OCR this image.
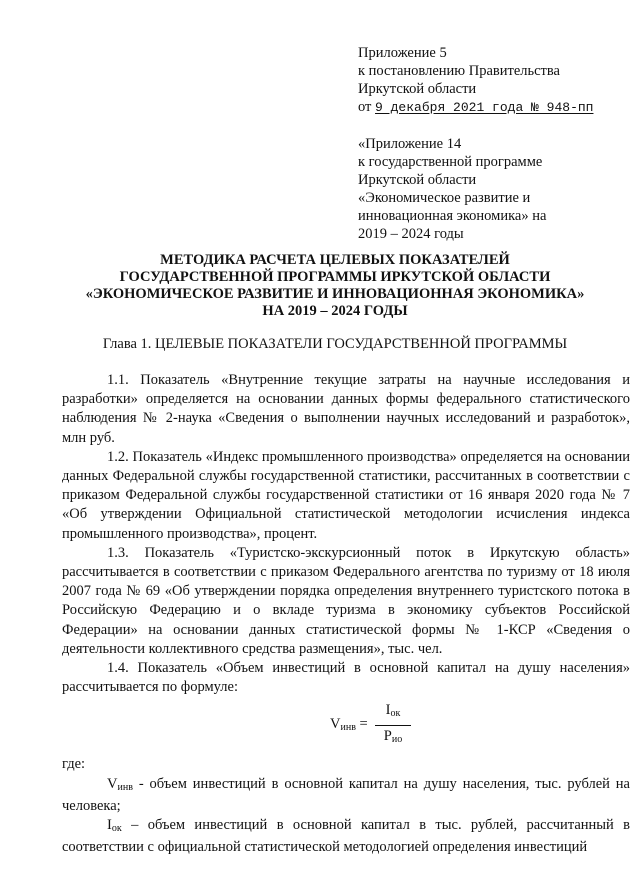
Приложение 5
к постановлению Правительства
Иркутской области
от 9 декабря 2021 года № 948-пп
«Приложение 14
к государственной программе
Иркутской области
«Экономическое развитие и
инновационная экономика» на
2019 – 2024 годы
МЕТОДИКА РАСЧЕТА ЦЕЛЕВЫХ ПОКАЗАТЕЛЕЙ
ГОСУДАРСТВЕННОЙ ПРОГРАММЫ ИРКУТСКОЙ ОБЛАСТИ
«ЭКОНОМИЧЕСКОЕ РАЗВИТИЕ И ИННОВАЦИОННАЯ ЭКОНОМИКА»
НА 2019 – 2024 ГОДЫ
Глава 1. ЦЕЛЕВЫЕ ПОКАЗАТЕЛИ ГОСУДАРСТВЕННОЙ ПРОГРАММЫ

1.1. Показатель «Внутренние текущие затраты на научные исследования и разработки» определяется на основании данных формы федерального статистического наблюдения № 2-наука «Сведения о выполнении научных исследований и разработок», млн руб.

1.2. Показатель «Индекс промышленного производства» определяется на основании данных Федеральной службы государственной статистики, рассчитанных в соответствии с приказом Федеральной службы государственной статистики от 16 января 2020 года № 7 «Об утверждении Официальной статистической методологии исчисления индекса промышленного производства», процент.

1.3. Показатель «Туристско-экскурсионный поток в Иркутскую область» рассчитывается в соответствии с приказом Федерального агентства по туризму от 18 июля 2007 года № 69 «Об утверждении порядка определения внутреннего туристского потока в Российскую Федерацию и о вкладе туризма в экономику субъектов Российской Федерации» на основании данных статистической формы № 1-КСР «Сведения о деятельности коллективного средства размещения», тыс. чел.

1.4. Показатель «Объем инвестиций в основной капитал на душу населения» рассчитывается по формуле:

$V_{инв}$ =
$I_{ок}$
$P_{ио}$

где:

$V_{инв}$ - объем инвестиций в основной капитал на душу населения, тыс. рублей на человека;

$I_{ок}$ – объем инвестиций в основной капитал в тыс. рублей, рассчитанный в соответствии с официальной статистической методологией определения инвестиций
